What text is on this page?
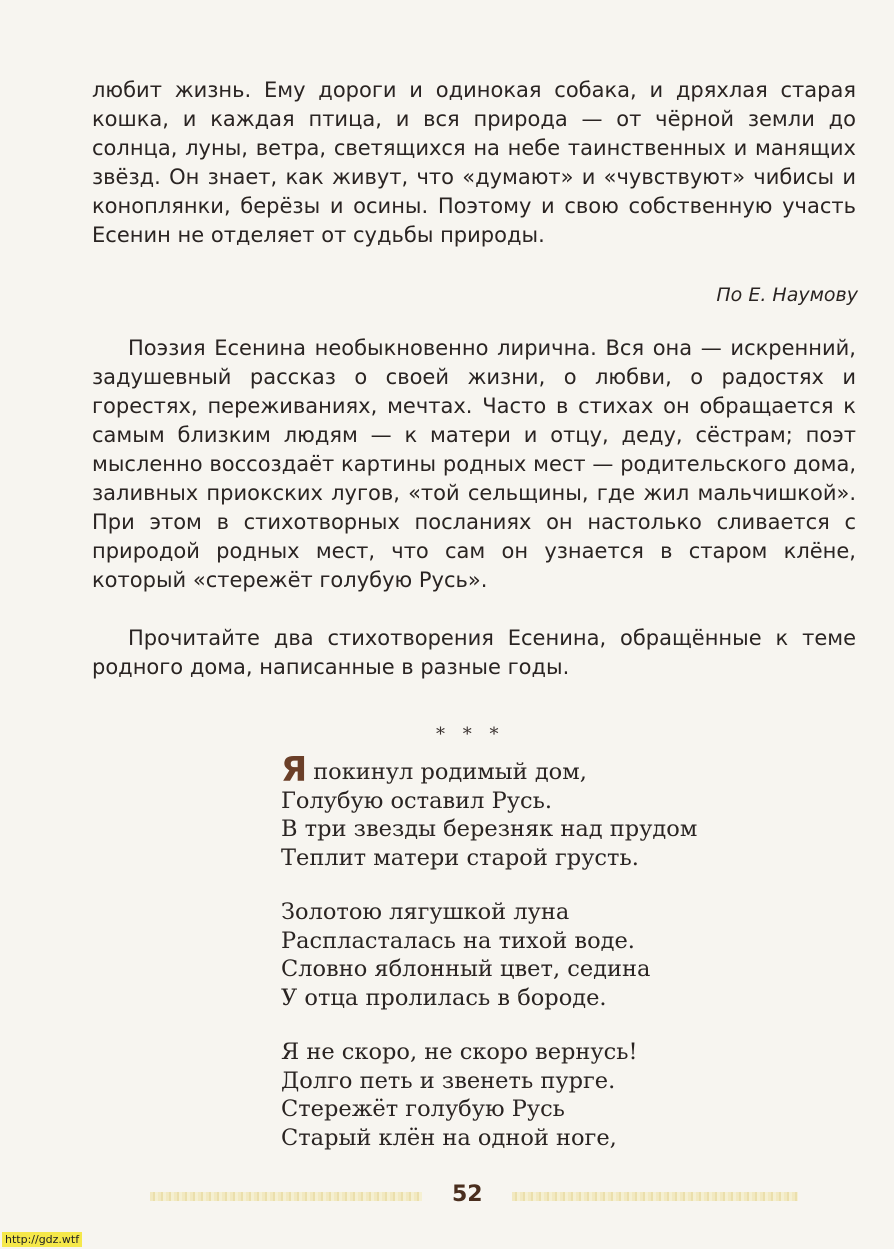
любит жизнь. Ему дороги и одинокая собака, и дряхлая старая кошка, и каждая птица, и вся природа — от чёрной земли до солнца, луны, ветра, светящихся на небе таинственных и манящих звёзд. Он знает, как живут, что «думают» и «чувствуют» чибисы и коноплянки, берёзы и осины. Поэтому и свою собственную участь Есенин не отделяет от судьбы природы.

По Е. Наумову

Поэзия Есенина необыкновенно лирична. Вся она — искренний, задушевный рассказ о своей жизни, о любви, о радостях и горестях, переживаниях, мечтах. Часто в стихах он обращается к самым близким людям — к матери и отцу, деду, сёстрам; поэт мысленно воссоздаёт картины родных мест — родительского дома, заливных приокских лугов, «той сельщины, где жил мальчишкой». При этом в стихотворных посланиях он настолько сливается с природой родных мест, что сам он узнается в старом клёне, который «стережёт голубую Русь».

Прочитайте два стихотворения Есенина, обращённые к теме родного дома, написанные в разные годы.

* * *
Япокинул родимый дом,
Голубую оставил Русь.
В три звезды березняк над прудом
Теплит матери старой грусть.
Золотою лягушкой луна
Распласталась на тихой воде.
Словно яблонный цвет, седина
У отца пролилась в бороде.
Я не скоро, не скоро вернусь!
Долго петь и звенеть пурге.
Стережёт голубую Русь
Старый клён на одной ноге,
52
http://gdz.wtf
